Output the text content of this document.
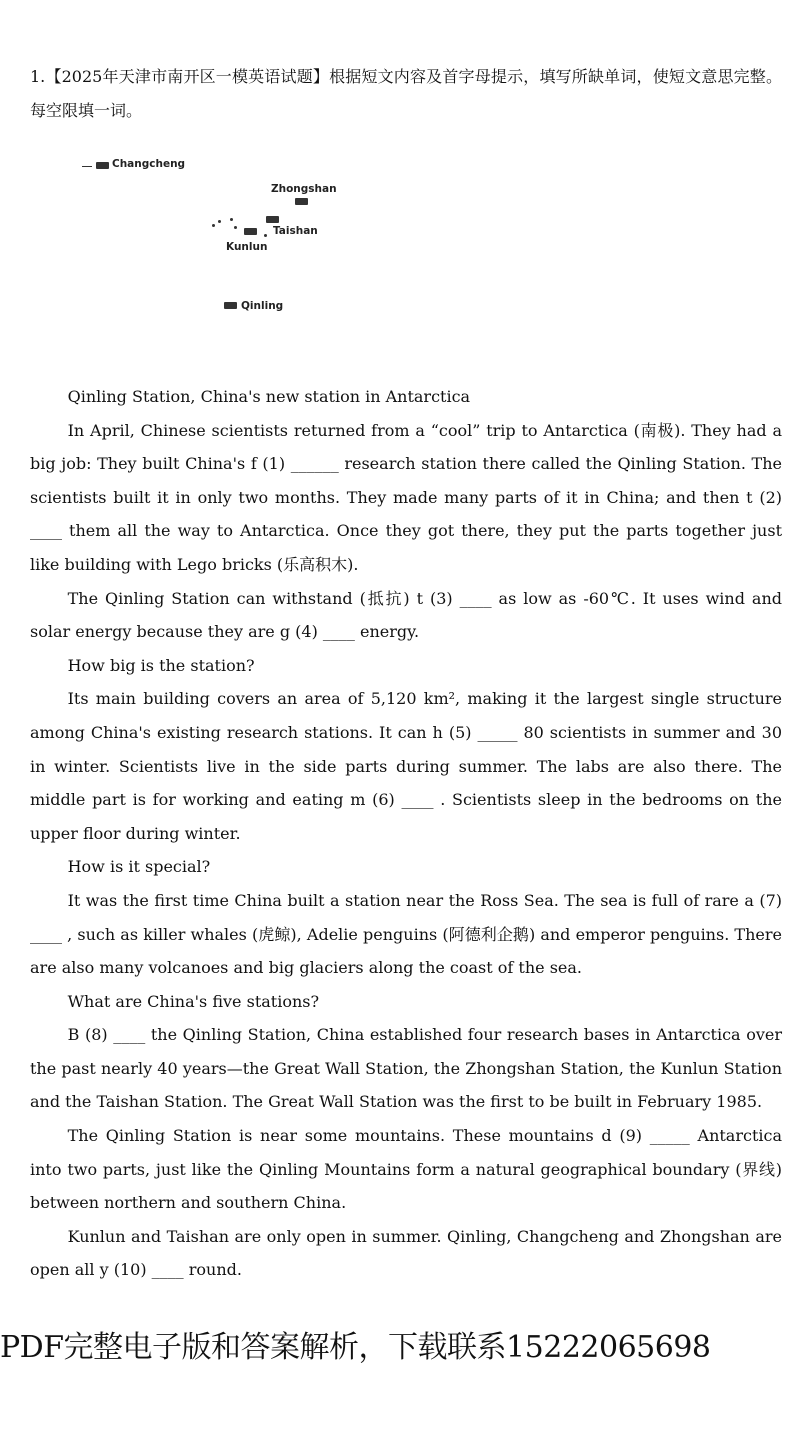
1.【2025年天津市南开区一模英语试题】根据短文内容及首字母提示，填写所缺单词，使短文意思完整。每空限填一词。
Changcheng
Zhongshan
Taishan
Kunlun
Qinling

Qinling Station, China's new station in Antarctica

In April, Chinese scientists returned from a “cool” trip to Antarctica (南极). They had a big job: They built China's f (1) ______ research station there called the Qinling Station. The scientists built it in only two months. They made many parts of it in China; and then t (2) ____ them all the way to Antarctica. Once they got there, they put the parts together just like building with Lego bricks (乐高积木).

The Qinling Station can withstand (抵抗) t (3) ____ as low as -60℃. It uses wind and solar energy because they are g (4) ____ energy.

How big is the station?

Its main building covers an area of 5,120 km², making it the largest single structure among China's existing research stations. It can h (5) _____ 80 scientists in summer and 30 in winter. Scientists live in the side parts during summer. The labs are also there. The middle part is for working and eating m (6) ____ . Scientists sleep in the bedrooms on the upper floor during winter.

How is it special?

It was the first time China built a station near the Ross Sea. The sea is full of rare a (7) ____ , such as killer whales (虎鲸), Adelie penguins (阿德利企鹅) and emperor penguins. There are also many volcanoes and big glaciers along the coast of the sea.

What are China's five stations?

B (8) ____ the Qinling Station, China established four research bases in Antarctica over the past nearly 40 years—the Great Wall Station, the Zhongshan Station, the Kunlun Station and the Taishan Station. The Great Wall Station was the first to be built in February 1985.

The Qinling Station is near some mountains. These mountains d (9) _____ Antarctica into two parts, just like the Qinling Mountains form a natural geographical boundary (界线) between northern and southern China.

Kunlun and Taishan are only open in summer. Qinling, Changcheng and Zhongshan are open all y (10) ____ round.

PDF完整电子版和答案解析，下载联系15222065698
